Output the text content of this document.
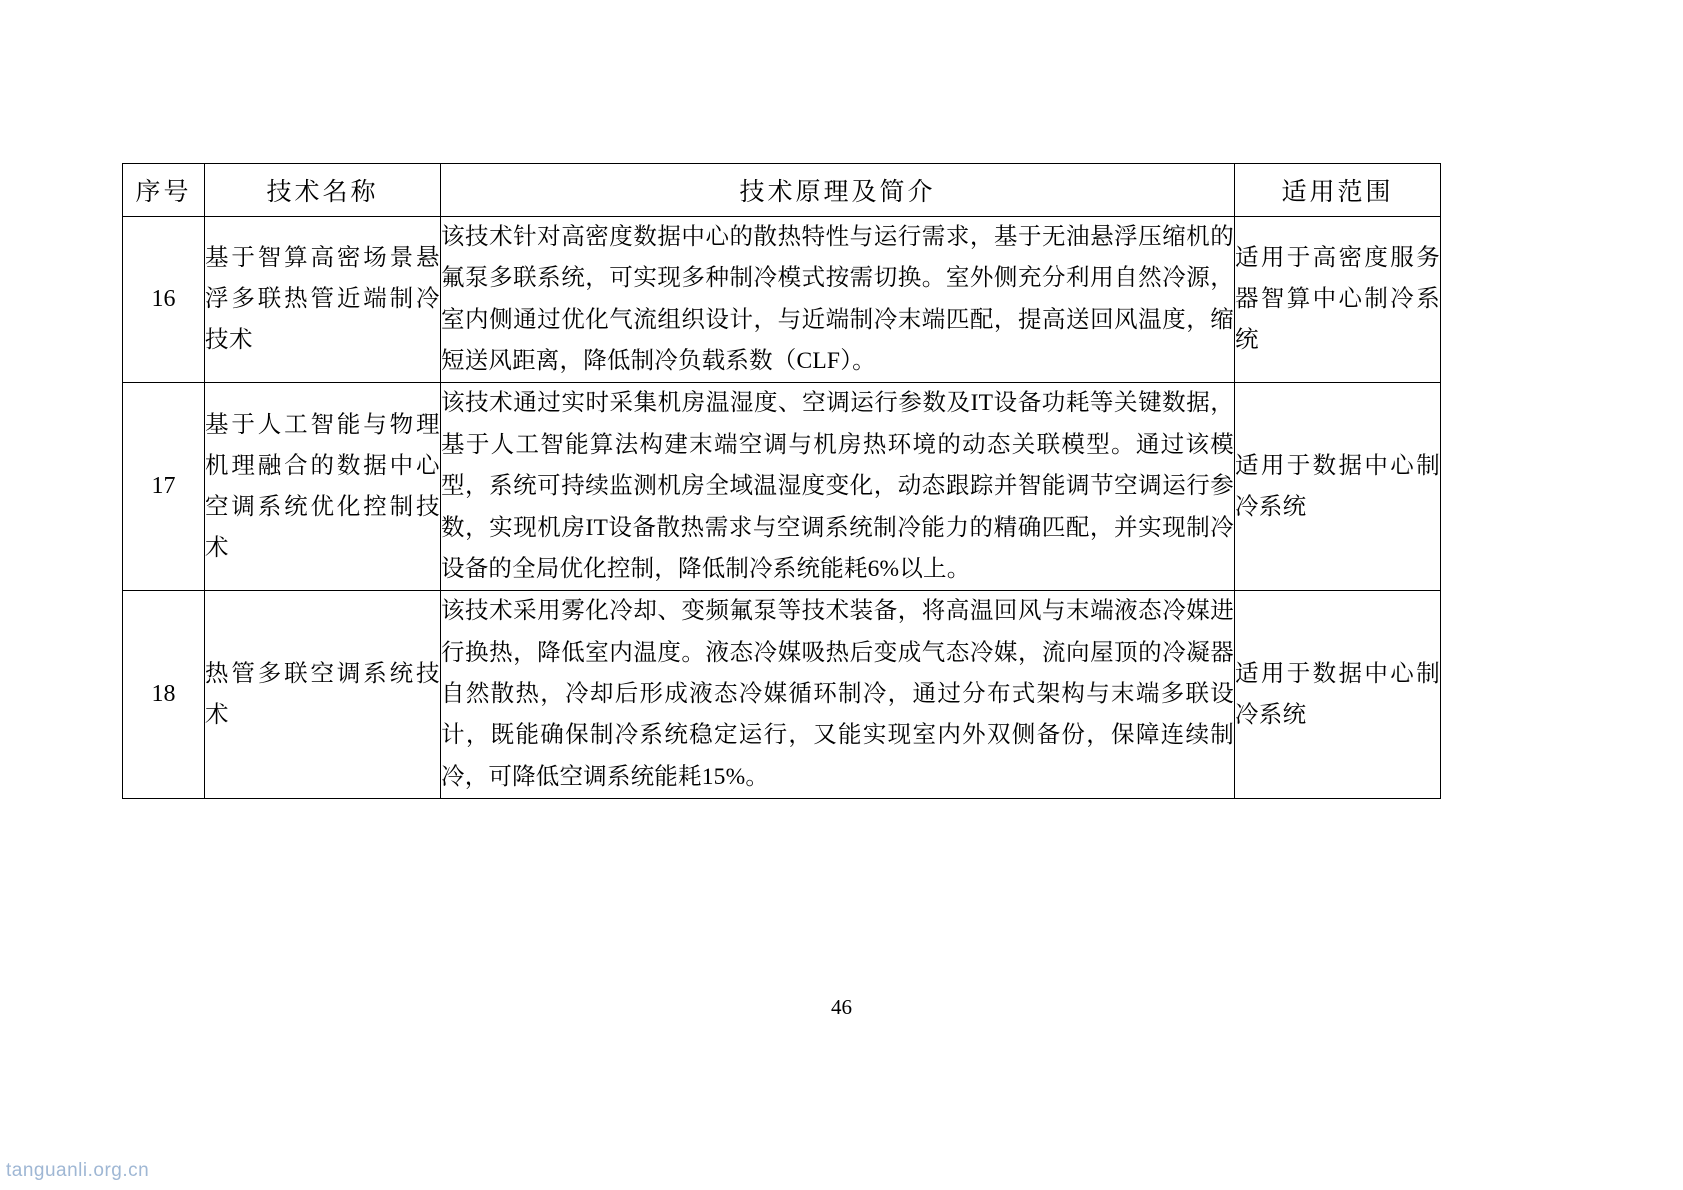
序号	技术名称	技术原理及简介	适用范围
16	基于智算高密场景悬浮多联热管近端制冷技术	该技术针对高密度数据中心的散热特性与运行需求，基于无油悬浮压缩机的氟泵多联系统，可实现多种制冷模式按需切换。室外侧充分利用自然冷源，室内侧通过优化气流组织设计，与近端制冷末端匹配，提高送回风温度，缩短送风距离，降低制冷负载系数（CLF）。	适用于高密度服务器智算中心制冷系统
17	基于人工智能与物理机理融合的数据中心空调系统优化控制技术	该技术通过实时采集机房温湿度、空调运行参数及IT设备功耗等关键数据，基于人工智能算法构建末端空调与机房热环境的动态关联模型。通过该模型，系统可持续监测机房全域温湿度变化，动态跟踪并智能调节空调运行参数，实现机房IT设备散热需求与空调系统制冷能力的精确匹配，并实现制冷设备的全局优化控制，降低制冷系统能耗6%以上。	适用于数据中心制冷系统
18	热管多联空调系统技术	该技术采用雾化冷却、变频氟泵等技术装备，将高温回风与末端液态冷媒进行换热，降低室内温度。液态冷媒吸热后变成气态冷媒，流向屋顶的冷凝器自然散热，冷却后形成液态冷媒循环制冷，通过分布式架构与末端多联设计，既能确保制冷系统稳定运行，又能实现室内外双侧备份，保障连续制冷，可降低空调系统能耗15%。	适用于数据中心制冷系统
46
tanguanli.org.cn
